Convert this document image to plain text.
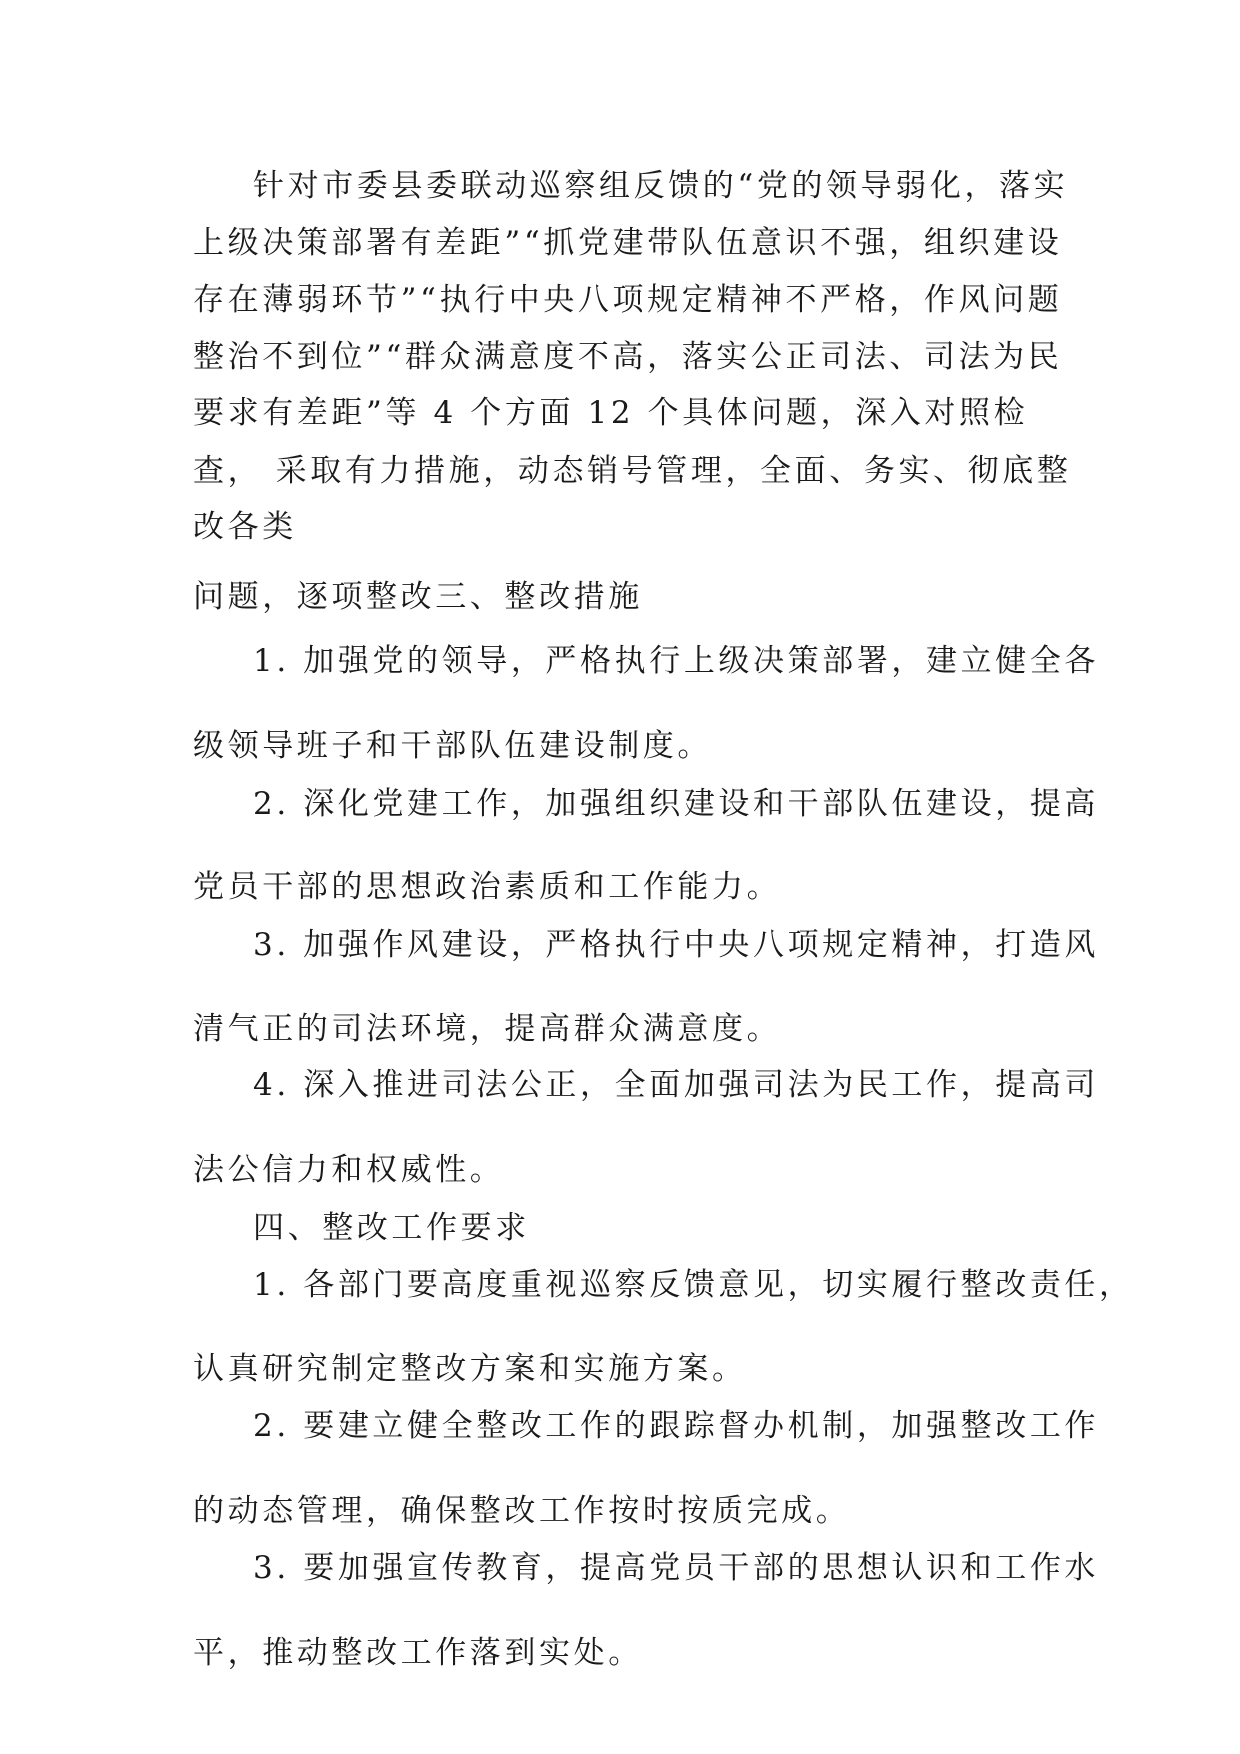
针对市委县委联动巡察组反馈的“党的领导弱化，落实
上级决策部署有差距”“抓党建带队伍意识不强，组织建设
存在薄弱环节”“执行中央八项规定精神不严格，作风问题
整治不到位”“群众满意度不高，落实公正司法、司法为民
要求有差距”等 4 个方面 12 个具体问题，深入对照检
查， 采取有力措施，动态销号管理，全面、务实、彻底整
改各类
问题，逐项整改三、整改措施
1. 加强党的领导，严格执行上级决策部署，建立健全各
级领导班子和干部队伍建设制度。
2. 深化党建工作，加强组织建设和干部队伍建设，提高
党员干部的思想政治素质和工作能力。
3. 加强作风建设，严格执行中央八项规定精神，打造风
清气正的司法环境，提高群众满意度。
4. 深入推进司法公正，全面加强司法为民工作，提高司
法公信力和权威性。
四、整改工作要求
1. 各部门要高度重视巡察反馈意见，切实履行整改责任，
认真研究制定整改方案和实施方案。
2. 要建立健全整改工作的跟踪督办机制，加强整改工作
的动态管理，确保整改工作按时按质完成。
3. 要加强宣传教育，提高党员干部的思想认识和工作水
平，推动整改工作落到实处。
